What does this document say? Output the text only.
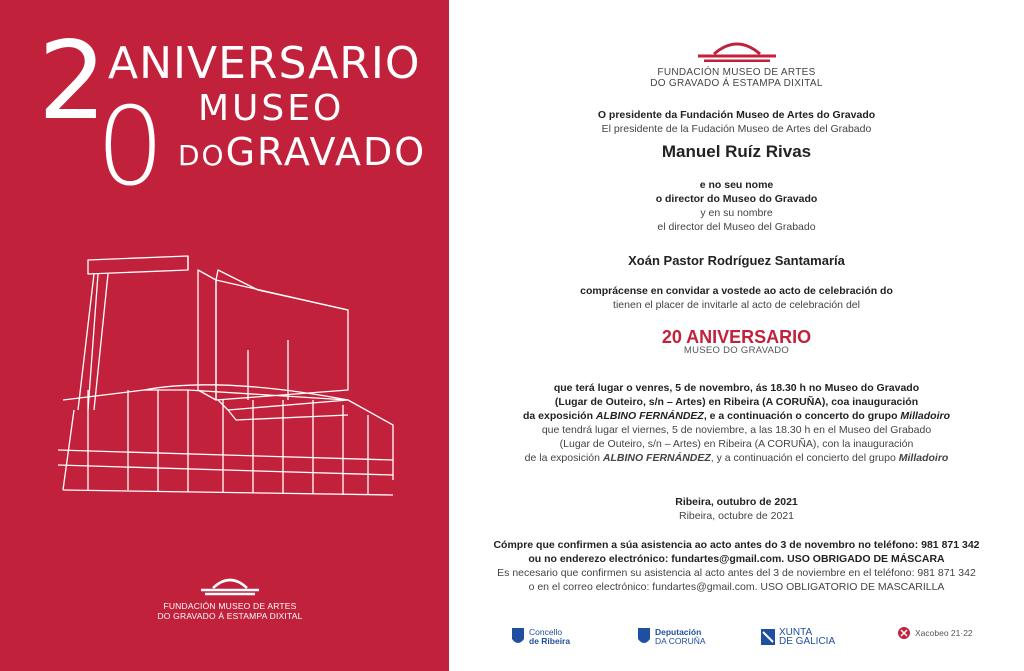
2
0
ANIVERSARIO
MUSEO
DOGRAVADO
FUNDACIÓN MUSEO DE ARTES
DO GRAVADO Á ESTAMPA DIXITAL
FUNDACIÓN MUSEO DE ARTES
DO GRAVADO Á ESTAMPA DIXITAL
O presidente da Fundación Museo de Artes do Gravado
El presidente de la Fudación Museo de Artes del Grabado
Manuel Ruíz Rivas
e no seu nome
o director do Museo do Gravado
y en su nombre
el director del Museo del Grabado
Xoán Pastor Rodríguez Santamaría
comprácense en convidar a vostede ao acto de celebración do
tienen el placer de invitarle al acto de celebración del
20 ANIVERSARIO
MUSEO DO GRAVADO
que terá lugar o venres, 5 de novembro, ás 18.30 h no Museo do Gravado
(Lugar de Outeiro, s/n – Artes) en Ribeira (A CORUÑA), coa inauguración
da exposición ALBINO FERNÁNDEZ, e a continuación o concerto do grupo Milladoiro
que tendrá lugar el viernes, 5 de noviembre, a las 18.30 h en el Museo del Grabado
(Lugar de Outeiro, s/n – Artes) en Ribeira (A CORUÑA), con la inauguración
de la exposición ALBINO FERNÁNDEZ, y a continuación el concierto del grupo Milladoiro
Ribeira, outubro de 2021
Ribeira, octubre de 2021
Cómpre que confirmen a súa asistencia ao acto antes do 3 de novembro no teléfono: 981 871 342
ou no enderezo electrónico: fundartes@gmail.com. USO OBRIGADO DE MÁSCARA
Es necesario que confirmen su asistencia al acto antes del 3 de noviembre en el teléfono: 981 871 342
o en el correo electrónico: fundartes@gmail.com. USO OBLIGATORIO DE MASCARILLA
Concello
de Ribeira
Deputación
DA CORUÑA
XUNTA
DE GALICIA
Xacobeo 21·22
